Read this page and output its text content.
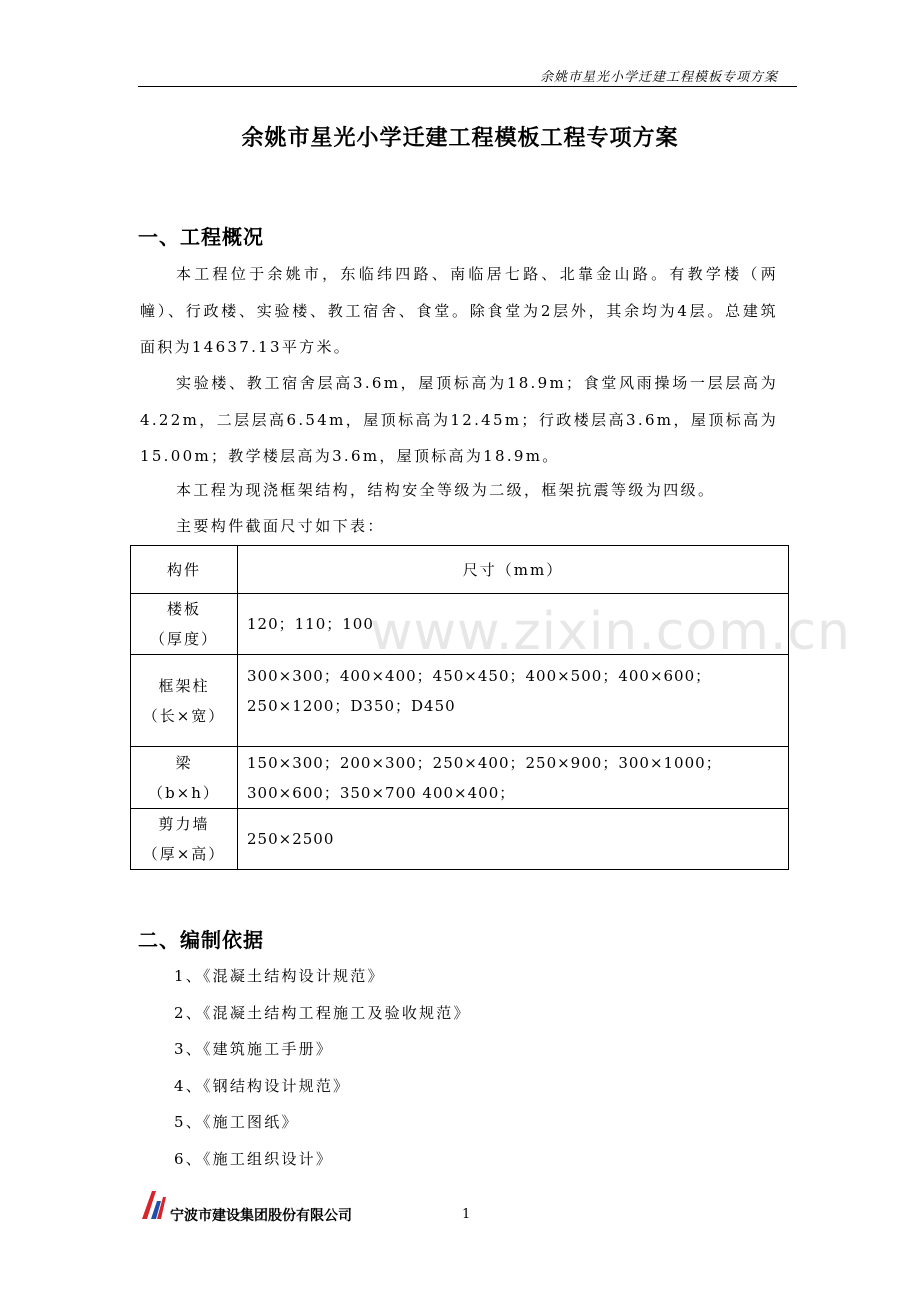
余姚市星光小学迁建工程模板专项方案
余姚市星光小学迁建工程模板工程专项方案
一、工程概况
本工程位于余姚市，东临纬四路、南临居七路、北靠金山路。有教学楼（两幢）、行政楼、实验楼、教工宿舍、食堂。除食堂为2层外，其余均为4层。总建筑面积为14637.13平方米。
实验楼、教工宿舍层高3.6m，屋顶标高为18.9m；食堂风雨操场一层层高为4.22m，二层层高6.54m，屋顶标高为12.45m；行政楼层高3.6m，屋顶标高为15.00m；教学楼层高为3.6m，屋顶标高为18.9m。
本工程为现浇框架结构，结构安全等级为二级，框架抗震等级为四级。
主要构件截面尺寸如下表：
构件	尺寸（mm）

楼板
（厚度）	120；110；100

框架柱
（长×宽）	300×300；400×400；450×450；400×500；400×600；250×1200；D350；D450

梁
（b×h）	150×300；200×300；250×400；250×900；300×1000；300×600；350×700 400×400；

剪力墙
（厚×高）	250×2500
www.zixin.com.cn
二、编制依据
1、《混凝土结构设计规范》
2、《混凝土结构工程施工及验收规范》
3、《建筑施工手册》
4、《钢结构设计规范》
5、《施工图纸》
6、《施工组织设计》
宁波市建设集团股份有限公司	1
